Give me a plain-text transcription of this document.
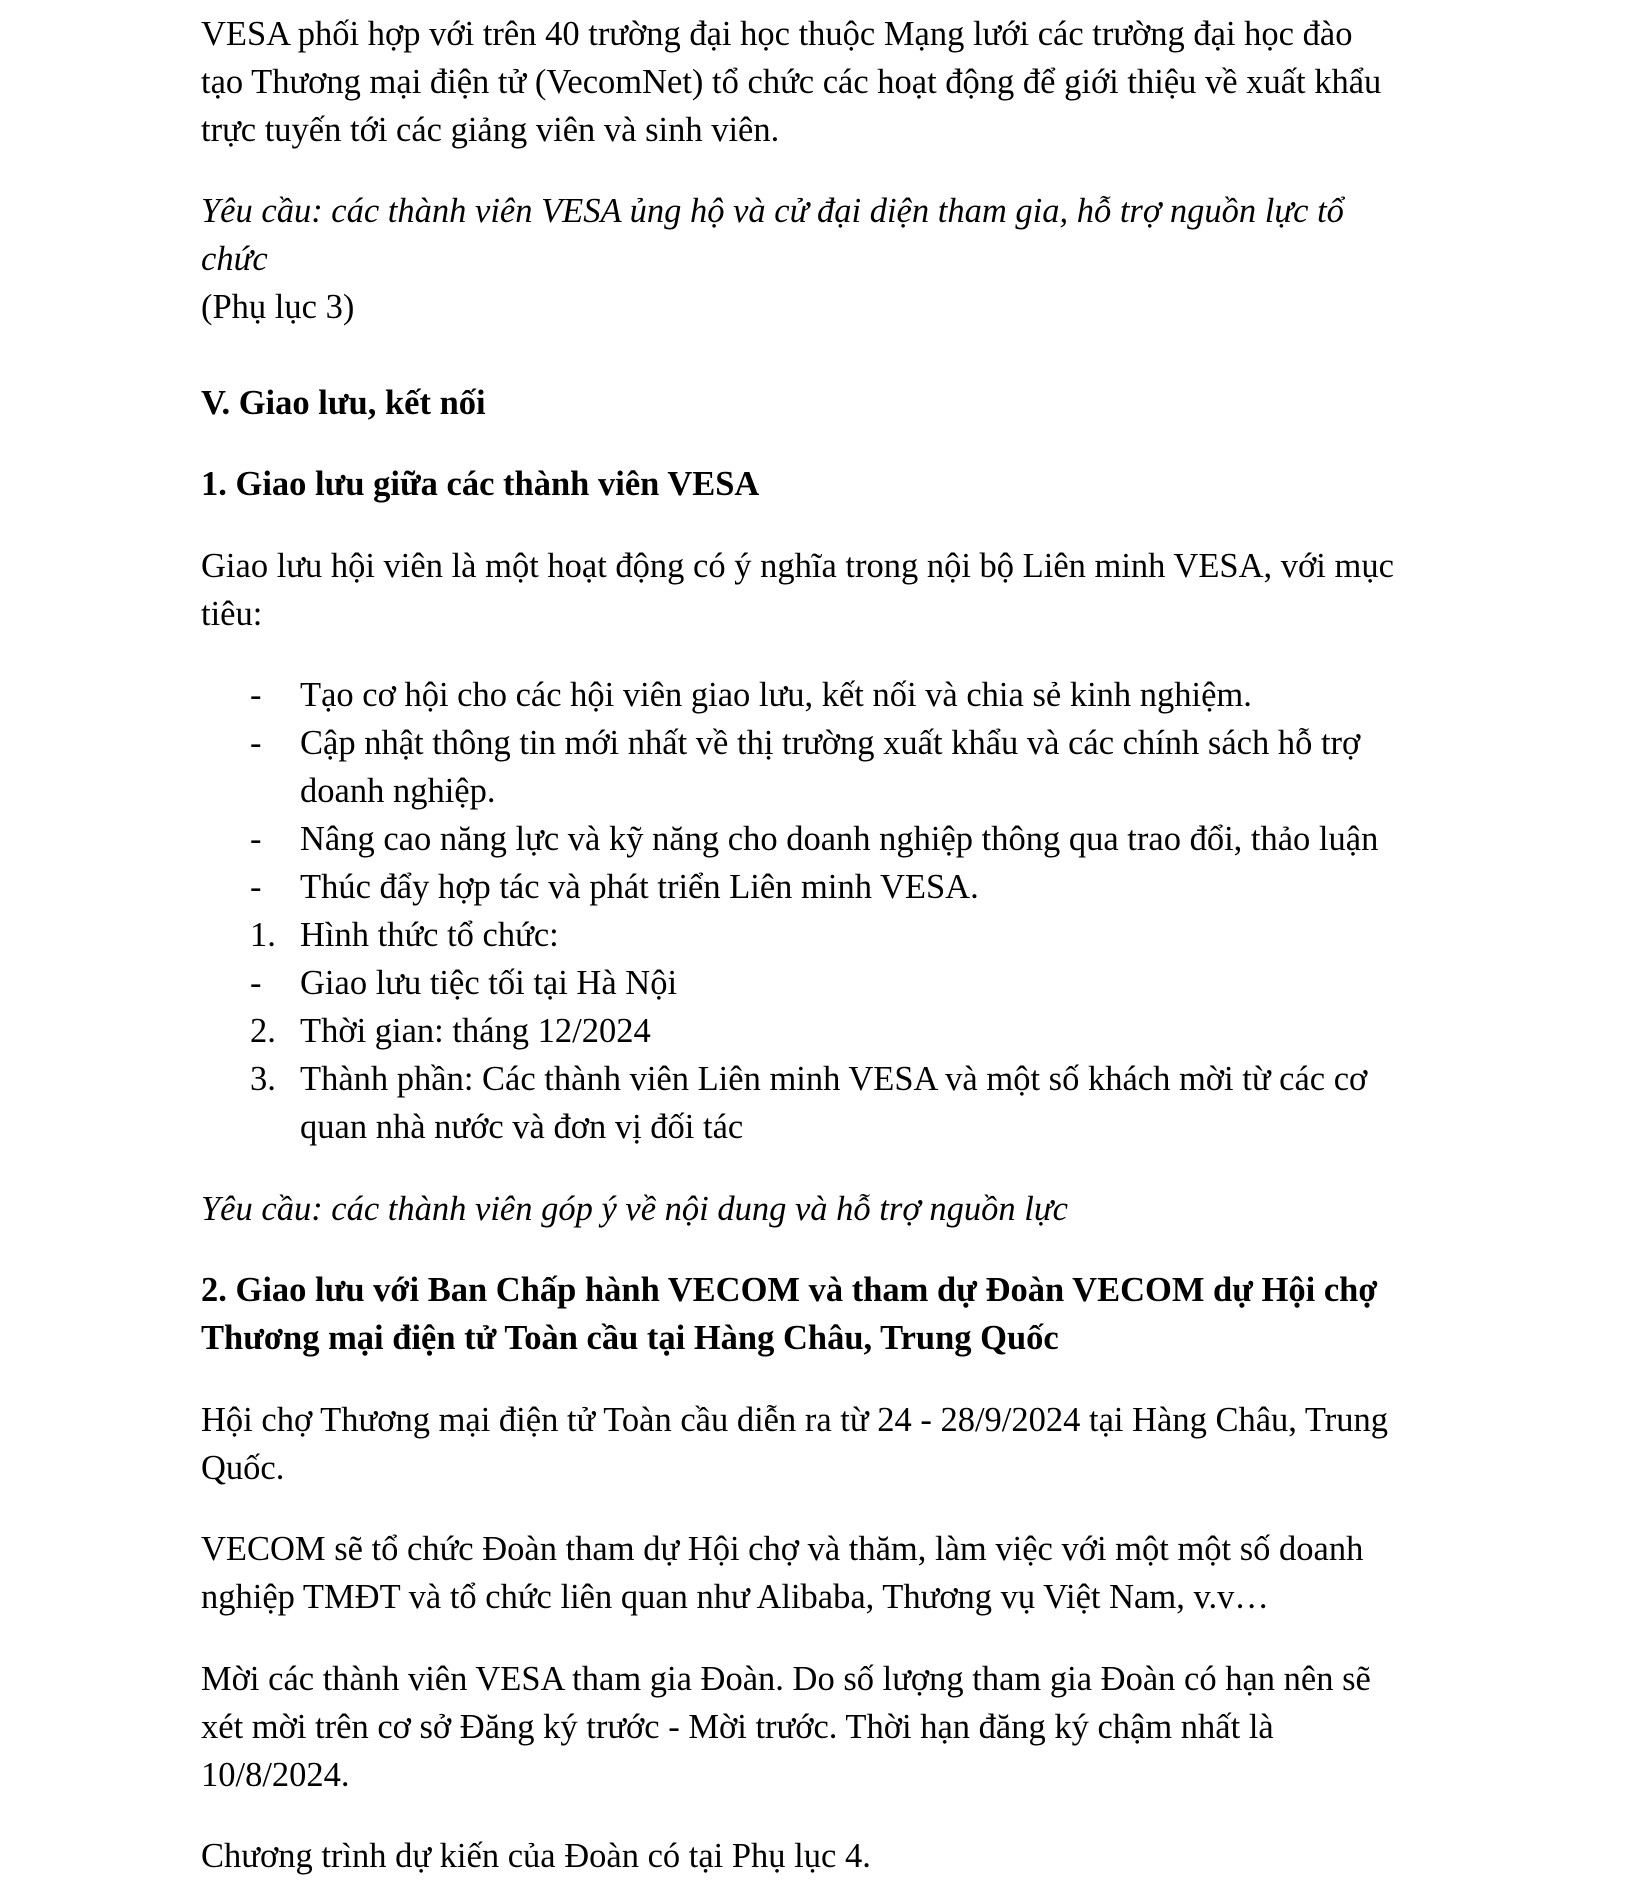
VESA phối hợp với trên 40 trường đại học thuộc Mạng lưới các trường đại học đào

tạo Thương mại điện tử (VecomNet) tổ chức các hoạt động để giới thiệu về xuất khẩu

trực tuyến tới các giảng viên và sinh viên.

Yêu cầu: các thành viên VESA ủng hộ và cử đại diện tham gia, hỗ trợ nguồn lực tổ

chức

(Phụ lục 3)

V. Giao lưu, kết nối

1. Giao lưu giữa các thành viên VESA

Giao lưu hội viên là một hoạt động có ý nghĩa trong nội bộ Liên minh VESA, với mục

tiêu:

-	Tạo cơ hội cho các hội viên giao lưu, kết nối và chia sẻ kinh nghiệm.
-	Cập nhật thông tin mới nhất về thị trường xuất khẩu và các chính sách hỗ trợ
doanh nghiệp.
-	Nâng cao năng lực và kỹ năng cho doanh nghiệp thông qua trao đổi, thảo luận
-	Thúc đẩy hợp tác và phát triển Liên minh VESA.
1. Hình thức tổ chức:
-	Giao lưu tiệc tối tại Hà Nội
2. Thời gian: tháng 12/2024
3. Thành phần: Các thành viên Liên minh VESA và một số khách mời từ các cơ
quan nhà nước và đơn vị đối tác

Yêu cầu: các thành viên góp ý về nội dung và hỗ trợ nguồn lực

2. Giao lưu với Ban Chấp hành VECOM và tham dự Đoàn VECOM dự Hội chợ

Thương mại điện tử Toàn cầu tại Hàng Châu, Trung Quốc

Hội chợ Thương mại điện tử Toàn cầu diễn ra từ 24 - 28/9/2024 tại Hàng Châu, Trung

Quốc.

VECOM sẽ tổ chức Đoàn tham dự Hội chợ và thăm, làm việc với một một số doanh

nghiệp TMĐT và tổ chức liên quan như Alibaba, Thương vụ Việt Nam, v.v…

Mời các thành viên VESA tham gia Đoàn. Do số lượng tham gia Đoàn có hạn nên sẽ

xét mời trên cơ sở Đăng ký trước - Mời trước. Thời hạn đăng ký chậm nhất là

10/8/2024.

Chương trình dự kiến của Đoàn có tại Phụ lục 4.
